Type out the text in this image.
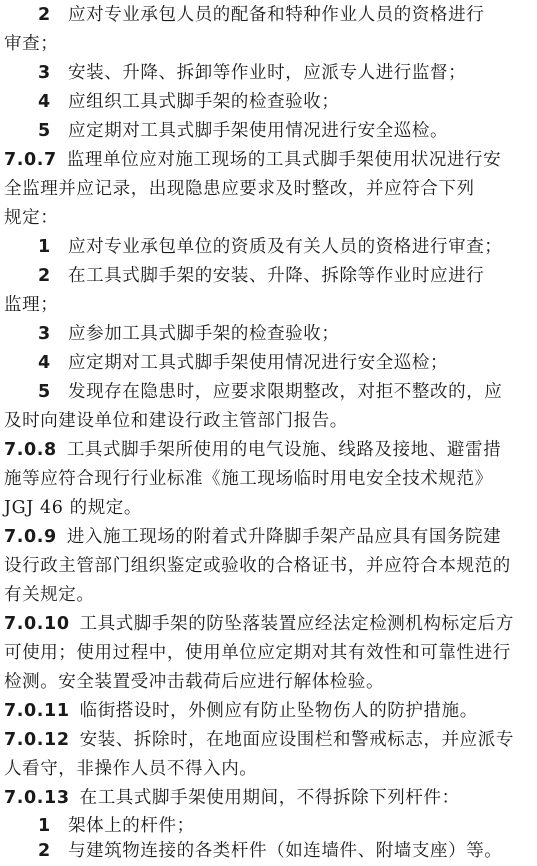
2 应对专业承包人员的配备和特种作业人员的资格进行
审查；
3 安装、升降、拆卸等作业时，应派专人进行监督；
4 应组织工具式脚手架的检查验收；
5 应定期对工具式脚手架使用情况进行安全巡检。
7.0.7 监理单位应对施工现场的工具式脚手架使用状况进行安
全监理并应记录，出现隐患应要求及时整改，并应符合下列
规定：
1 应对专业承包单位的资质及有关人员的资格进行审查；
2 在工具式脚手架的安装、升降、拆除等作业时应进行
监理；
3 应参加工具式脚手架的检查验收；
4 应定期对工具式脚手架使用情况进行安全巡检；
5 发现存在隐患时，应要求限期整改，对拒不整改的，应
及时向建设单位和建设行政主管部门报告。
7.0.8 工具式脚手架所使用的电气设施、线路及接地、避雷措
施等应符合现行行业标准《施工现场临时用电安全技术规范》
JGJ 46 的规定。
7.0.9 进入施工现场的附着式升降脚手架产品应具有国务院建
设行政主管部门组织鉴定或验收的合格证书，并应符合本规范的
有关规定。
7.0.10 工具式脚手架的防坠落装置应经法定检测机构标定后方
可使用；使用过程中，使用单位应定期对其有效性和可靠性进行
检测。安全装置受冲击载荷后应进行解体检验。
7.0.11 临街搭设时，外侧应有防止坠物伤人的防护措施。
7.0.12 安装、拆除时，在地面应设围栏和警戒标志，并应派专
人看守，非操作人员不得入内。
7.0.13 在工具式脚手架使用期间，不得拆除下列杆件：
1 架体上的杆件；
2 与建筑物连接的各类杆件（如连墙件、附墙支座）等。
